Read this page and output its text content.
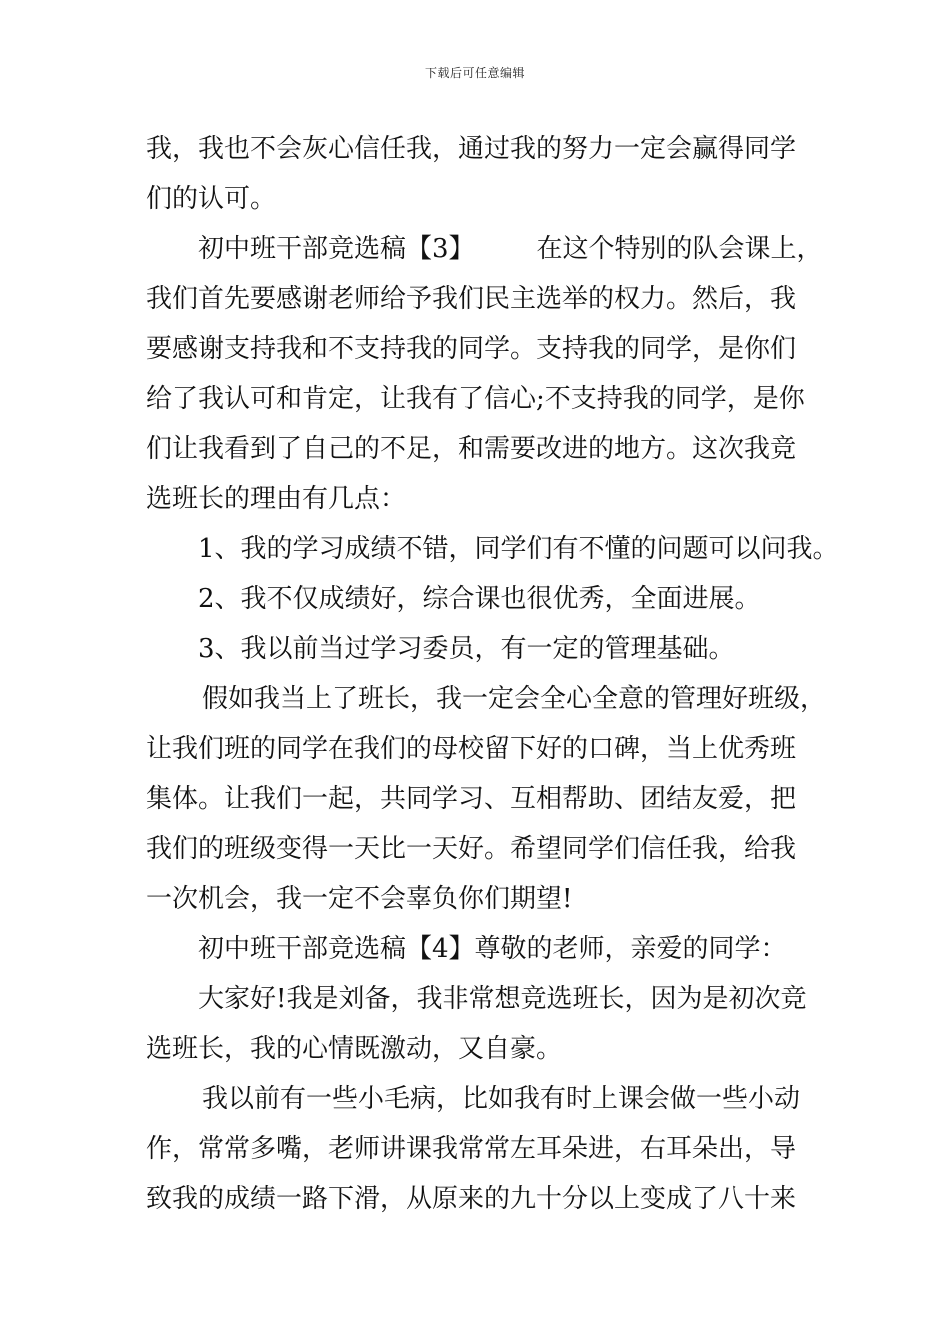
下载后可任意编辑
我，我也不会灰心信任我，通过我的努力一定会赢得同学
们的认可。
初中班干部竞选稿【3】 在这个特别的队会课上，
我们首先要感谢老师给予我们民主选举的权力。然后，我
要感谢支持我和不支持我的同学。支持我的同学，是你们
给了我认可和肯定，让我有了信心;不支持我的同学，是你
们让我看到了自己的不足，和需要改进的地方。这次我竞
选班长的理由有几点：
1、我的学习成绩不错，同学们有不懂的问题可以问我。
2、我不仅成绩好，综合课也很优秀，全面进展。
3、我以前当过学习委员，有一定的管理基础。
假如我当上了班长，我一定会全心全意的管理好班级，
让我们班的同学在我们的母校留下好的口碑，当上优秀班
集体。让我们一起，共同学习、互相帮助、团结友爱，把
我们的班级变得一天比一天好。希望同学们信任我，给我
一次机会，我一定不会辜负你们期望!
初中班干部竞选稿【4】尊敬的老师，亲爱的同学：
大家好!我是刘备，我非常想竞选班长，因为是初次竞
选班长，我的心情既激动，又自豪。
我以前有一些小毛病，比如我有时上课会做一些小动
作，常常多嘴，老师讲课我常常左耳朵进，右耳朵出，导
致我的成绩一路下滑，从原来的九十分以上变成了八十来
